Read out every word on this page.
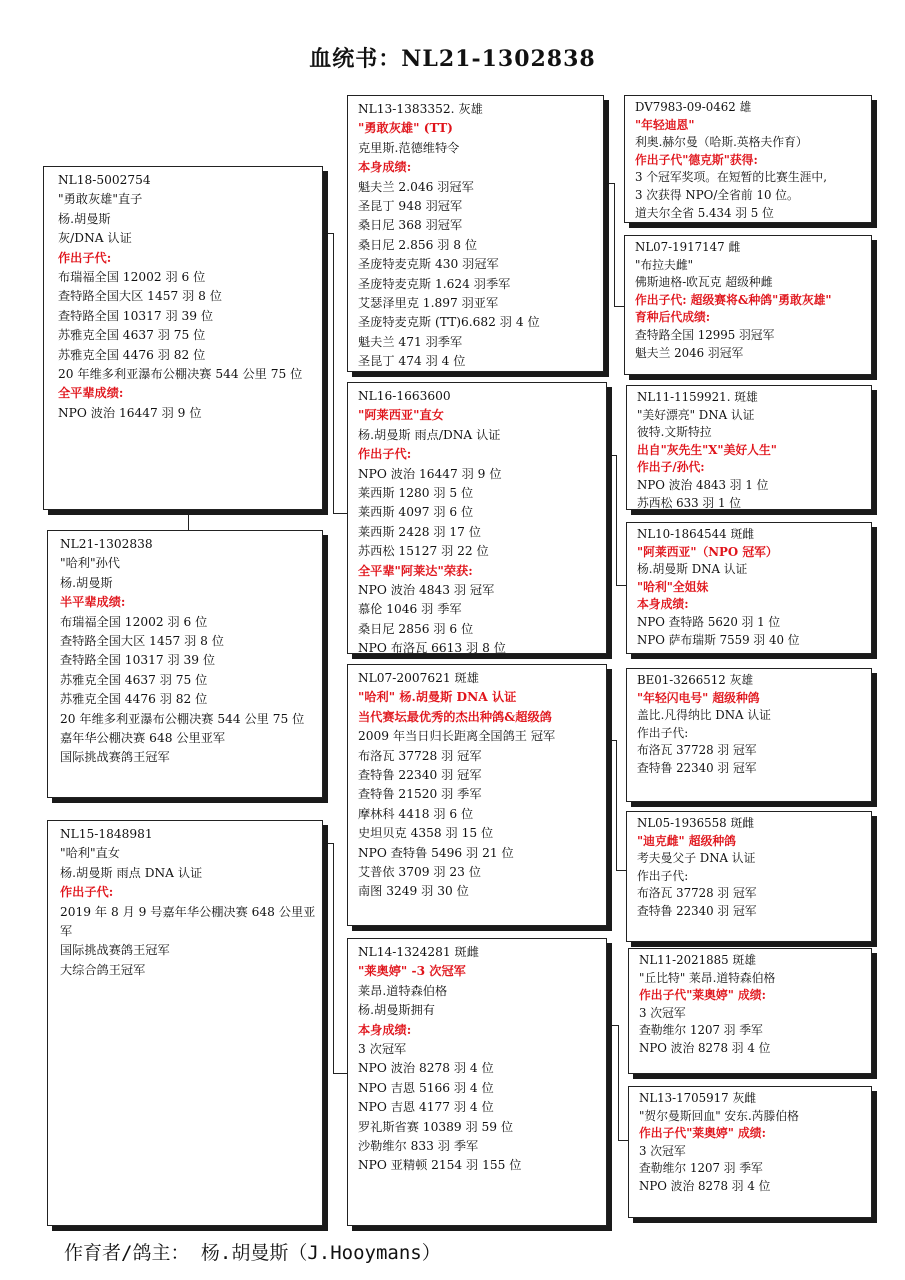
血统书：NL21-1302838
NL18-5002754
"勇敢灰雄"直子
杨.胡曼斯
灰/DNA 认证
作出子代:
布瑞福全国 12002 羽 6 位
查特路全国大区 1457 羽 8 位
查特路全国 10317 羽 39 位
苏雅克全国 4637 羽 75 位
苏雅克全国 4476 羽 82 位
20 年维多利亚瀑布公棚决赛 544 公里 75 位
全平辈成绩:
NPO 波治 16447 羽 9 位
NL21-1302838
"哈利"孙代
杨.胡曼斯
半平辈成绩:
布瑞福全国 12002 羽 6 位
查特路全国大区 1457 羽 8 位
查特路全国 10317 羽 39 位
苏雅克全国 4637 羽 75 位
苏雅克全国 4476 羽 82 位
20 年维多利亚瀑布公棚决赛 544 公里 75 位
嘉年华公棚决赛 648 公里亚军
国际挑战赛鸽王冠军
NL15-1848981
"哈利"直女
杨.胡曼斯 雨点 DNA 认证
作出子代:
2019 年 8 月 9 号嘉年华公棚决赛 648 公里亚军
国际挑战赛鸽王冠军
大综合鸽王冠军
NL13-1383352. 灰雄
"勇敢灰雄" (TT)
克里斯.范德维特令
本身成绩:
魁夫兰 2.046 羽冠军
圣昆丁 948 羽冠军
桑日尼 368 羽冠军
桑日尼 2.856 羽 8 位
圣庞特麦克斯 430 羽冠军
圣庞特麦克斯 1.624 羽季军
艾瑟泽里克 1.897 羽亚军
圣庞特麦克斯 (TT)6.682 羽 4 位
魁夫兰 471 羽季军
圣昆丁 474 羽 4 位
NL16-1663600
"阿莱西亚"直女
杨.胡曼斯 雨点/DNA 认证
作出子代:
NPO 波治 16447 羽 9 位
莱西斯 1280 羽 5 位
莱西斯 4097 羽 6 位
莱西斯 2428 羽 17 位
苏西松 15127 羽 22 位
全平辈"阿莱达"荣获:
NPO 波治 4843 羽 冠军
慕伦 1046 羽 季军
桑日尼 2856 羽 6 位
NPO 布洛瓦 6613 羽 8 位
NL07-2007621 斑雄
"哈利" 杨.胡曼斯 DNA 认证
当代赛坛最优秀的杰出种鸽&超级鸽
2009 年当日归长距离全国鸽王 冠军
布洛瓦 37728 羽 冠军
查特鲁 22340 羽 冠军
查特鲁 21520 羽 季军
摩林科 4418 羽 6 位
史坦贝克 4358 羽 15 位
NPO 查特鲁 5496 羽 21 位
艾普依 3709 羽 23 位
南图 3249 羽 30 位
NL14-1324281 斑雌
"莱奥婷" -3 次冠军
莱昂.道特森伯格
杨.胡曼斯拥有
本身成绩:
3 次冠军
NPO 波治 8278 羽 4 位
NPO 吉恩 5166 羽 4 位
NPO 吉恩 4177 羽 4 位
罗礼斯省赛 10389 羽 59 位
沙勒维尔 833 羽 季军
NPO 亚精顿 2154 羽 155 位
DV7983-09-0462 雄
"年轻迪恩"
利奥.赫尔曼（哈斯.英格夫作育）
作出子代"德克斯"获得:
3 个冠军奖项。在短暂的比赛生涯中,
3 次获得 NPO/全省前 10 位。
道夫尔全省 5.434 羽 5 位
NL07-1917147 雌
"布拉夫雌"
佛斯迪格-欧瓦克 超级种雌
作出子代: 超级赛将&种鸽"勇敢灰雄"
育种后代成绩:
查特路全国 12995 羽冠军
魁夫兰 2046 羽冠军
NL11-1159921. 斑雄
"美好漂亮" DNA 认证
彼特.文斯特拉
出自"灰先生"X"美好人生"
作出子/孙代:
NPO 波治 4843 羽 1 位
苏西松 633 羽 1 位
NL10-1864544 斑雌
"阿莱西亚"（NPO 冠军）
杨.胡曼斯 DNA 认证
"哈利"全姐妹
本身成绩:
NPO 查特路 5620 羽 1 位
NPO 萨布瑞斯 7559 羽 40 位
BE01-3266512 灰雄
"年轻闪电号" 超级种鸽
盖比.凡得纳比 DNA 认证
作出子代:
布洛瓦 37728 羽 冠军
查特鲁 22340 羽 冠军
NL05-1936558 斑雌
"迪克雌" 超级种鸽
考夫曼父子 DNA 认证
作出子代:
布洛瓦 37728 羽 冠军
查特鲁 22340 羽 冠军
NL11-2021885 斑雄
"丘比特" 莱昂.道特森伯格
作出子代"莱奥婷" 成绩:
3 次冠军
查勒维尔 1207 羽 季军
NPO 波治 8278 羽 4 位
NL13-1705917 灰雌
"贺尔曼斯回血" 安东.芮滕伯格
作出子代"莱奥婷" 成绩:
3 次冠军
查勒维尔 1207 羽 季军
NPO 波治 8278 羽 4 位
作育者/鸽主： 杨.胡曼斯（J.Hooymans）
